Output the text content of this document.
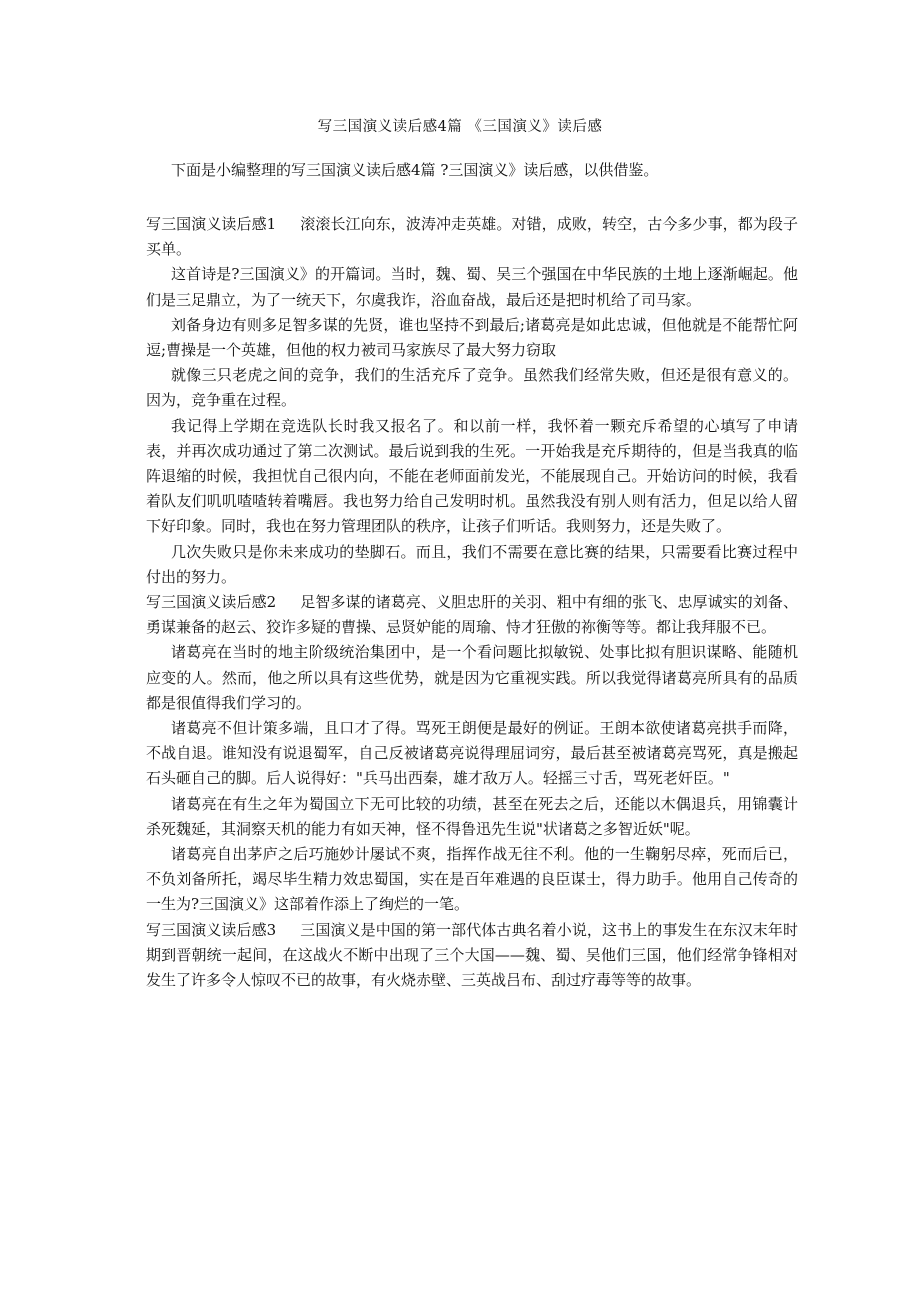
写三国演义读后感4篇 《三国演义》读后感
下面是小编整理的写三国演义读后感4篇 ?三国演义》读后感，以供借鉴。

写三国演义读后感1 滚滚长江向东，波涛冲走英雄。对错，成败，转空，古今多少事，都为段子买单。

这首诗是?三国演义》的开篇词。当时，魏、蜀、吴三个强国在中华民族的土地上逐渐崛起。他们是三足鼎立，为了一统天下，尔虞我诈，浴血奋战，最后还是把时机给了司马家。

刘备身边有则多足智多谋的先贤，谁也坚持不到最后;诸葛亮是如此忠诚，但他就是不能帮忙阿逗;曹操是一个英雄，但他的权力被司马家族尽了最大努力窃取

就像三只老虎之间的竞争，我们的生活充斥了竞争。虽然我们经常失败，但还是很有意义的。因为，竞争重在过程。

我记得上学期在竞选队长时我又报名了。和以前一样，我怀着一颗充斥希望的心填写了申请表，并再次成功通过了第二次测试。最后说到我的生死。一开始我是充斥期待的，但是当我真的临阵退缩的时候，我担忧自己很内向，不能在老师面前发光，不能展现自己。开始访问的时候，我看着队友们叽叽喳喳转着嘴唇。我也努力给自己发明时机。虽然我没有别人则有活力，但足以给人留下好印象。同时，我也在努力管理团队的秩序，让孩子们听话。我则努力，还是失败了。

几次失败只是你未来成功的垫脚石。而且，我们不需要在意比赛的结果，只需要看比赛过程中付出的努力。

写三国演义读后感2 足智多谋的诸葛亮、义胆忠肝的关羽、粗中有细的张飞、忠厚诚实的刘备、勇谋兼备的赵云、狡诈多疑的曹操、忌贤妒能的周瑜、恃才狂傲的祢衡等等。都让我拜服不已。

诸葛亮在当时的地主阶级统治集团中，是一个看问题比拟敏锐、处事比拟有胆识谋略、能随机应变的人。然而，他之所以具有这些优势，就是因为它重视实践。所以我觉得诸葛亮所具有的品质都是很值得我们学习的。

诸葛亮不但计策多端，且口才了得。骂死王朗便是最好的例证。王朗本欲使诸葛亮拱手而降，不战自退。谁知没有说退蜀军，自己反被诸葛亮说得理屈词穷，最后甚至被诸葛亮骂死，真是搬起石头砸自己的脚。后人说得好："兵马出西秦，雄才敌万人。轻摇三寸舌，骂死老奸臣。"

诸葛亮在有生之年为蜀国立下无可比较的功绩，甚至在死去之后，还能以木偶退兵，用锦囊计杀死魏延，其洞察天机的能力有如天神，怪不得鲁迅先生说"状诸葛之多智近妖"呢。

诸葛亮自出茅庐之后巧施妙计屡试不爽，指挥作战无往不利。他的一生鞠躬尽瘁，死而后已，不负刘备所托，竭尽毕生精力效忠蜀国，实在是百年难遇的良臣谋士，得力助手。他用自己传奇的一生为?三国演义》这部着作添上了绚烂的一笔。

写三国演义读后感3 三国演义是中国的第一部代体古典名着小说，这书上的事发生在东汉末年时期到晋朝统一起间，在这战火不断中出现了三个大国——魏、蜀、吴他们三国，他们经常争锋相对发生了许多令人惊叹不已的故事，有火烧赤壁、三英战吕布、刮过疗毒等等的故事。
